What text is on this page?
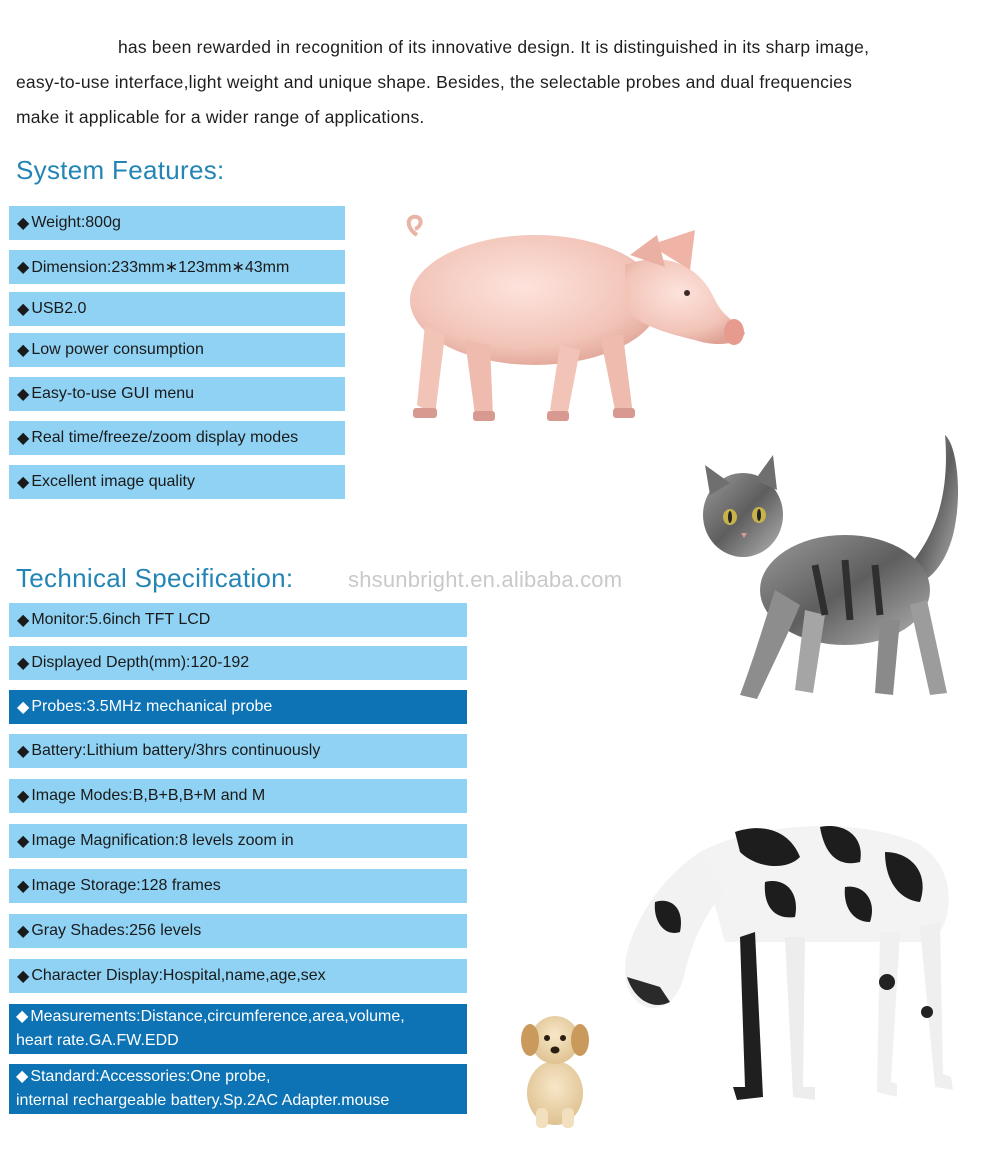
has been rewarded in recognition of its innovative design. It is distinguished in its sharp image,
easy-to-use interface,light weight and unique shape. Besides, the selectable probes and dual frequencies
make it applicable for a wider range of applications.
System Features:
◆ Weight:800g
◆ Dimension:233mm∗123mm∗43mm
◆ USB2.0
◆ Low power consumption
◆ Easy-to-use GUI menu
◆ Real time/freeze/zoom display modes
◆ Excellent image quality
Technical Specification: shsunbright.en.alibaba.com
◆ Monitor:5.6inch TFT LCD
◆ Displayed Depth(mm):120-192
◆ Probes:3.5MHz mechanical probe
◆ Battery:Lithium battery/3hrs continuously
◆ Image Modes:B,B+B,B+M and M
◆ Image Magnification:8 levels zoom in
◆ Image Storage:128 frames
◆ Gray Shades:256 levels
◆ Character Display:Hospital,name,age,sex
◆ Measurements:Distance,circumference,area,volume,
heart rate.GA.FW.EDD
◆ Standard:Accessories:One probe,
internal rechargeable battery.Sp.2AC Adapter.mouse
